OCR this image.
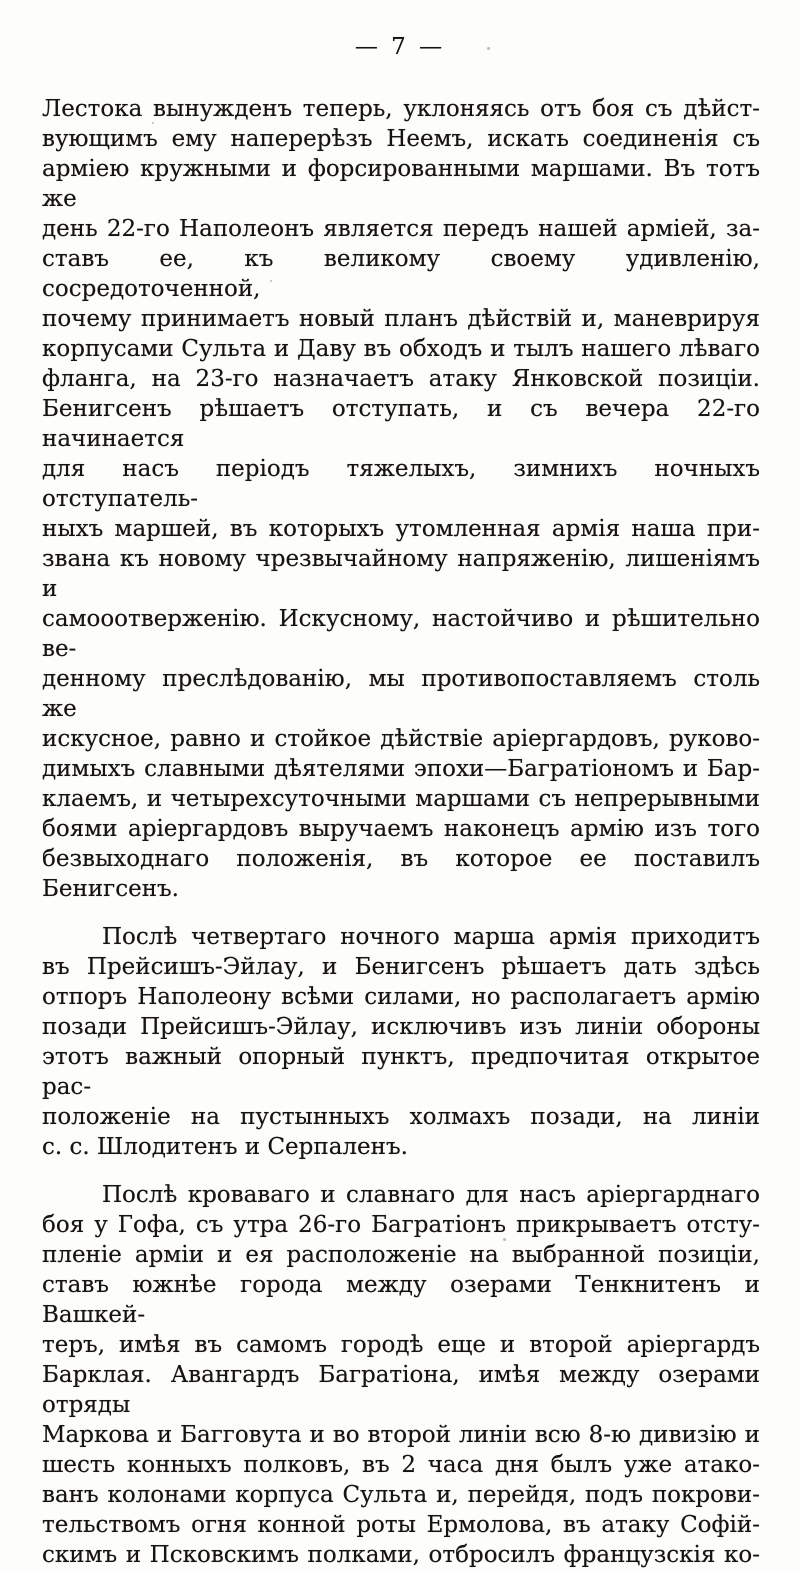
— 7 —
Лестока вынужденъ теперь, уклоняясь отъ боя съ дѣйст-
вующимъ ему наперерѣзъ Неемъ, искать соединенія съ
арміею кружными и форсированными маршами. Въ тотъ же
день 22-го Наполеонъ является передъ нашей арміей, за-
ставъ ее, къ великому своему удивленію, сосредоточенной,
почему принимаетъ новый планъ дѣйствій и, маневрируя
корпусами Сульта и Даву въ обходъ и тылъ нашего лѣваго
фланга, на 23-го назначаетъ атаку Янковской позиціи.
Бенигсенъ рѣшаетъ отступать, и съ вечера 22-го начинается
для насъ періодъ тяжелыхъ, зимнихъ ночныхъ отступатель-
ныхъ маршей, въ которыхъ утомленная армія наша при-
звана къ новому чрезвычайному напряженію, лишеніямъ и
самооотверженію. Искусному, настойчиво и рѣшительно ве-
денному преслѣдованію, мы противопоставляемъ столь же
искусное, равно и стойкое дѣйствіе аріергардовъ, руково-
димыхъ славными дѣятелями эпохи—Багратіономъ и Бар-
клаемъ, и четырехсуточными маршами съ непрерывными
боями аріергардовъ выручаемъ наконецъ армію изъ того
безвыходнаго положенія, въ которое ее поставилъ Бенигсенъ.
Послѣ четвертаго ночного марша армія приходитъ
въ Прейсишъ-Эйлау, и Бенигсенъ рѣшаетъ дать здѣсь
отпоръ Наполеону всѣми силами, но располагаетъ армію
позади Прейсишъ-Эйлау, исключивъ изъ линіи обороны
этотъ важный опорный пунктъ, предпочитая открытое рас-
положеніе на пустынныхъ холмахъ позади, на линіи
с. с. Шлодитенъ и Серпаленъ.
Послѣ кроваваго и славнаго для насъ аріергарднаго
боя у Гофа, съ утра 26-го Багратіонъ прикрываетъ отсту-
пленіе арміи и ея расположеніе на выбранной позиціи,
ставъ южнѣе города между озерами Тенкнитенъ и Вашкей-
теръ, имѣя въ самомъ городѣ еще и второй аріергардъ
Барклая. Авангардъ Багратіона, имѣя между озерами отряды
Маркова и Багговута и во второй линіи всю 8-ю дивизію и
шесть конныхъ полковъ, въ 2 часа дня былъ уже атако-
ванъ колонами корпуса Сульта и, перейдя, подъ покрови-
тельствомъ огня конной роты Ермолова, въ атаку Софій-
скимъ и Псковскимъ полками, отбросилъ французскія ко-
